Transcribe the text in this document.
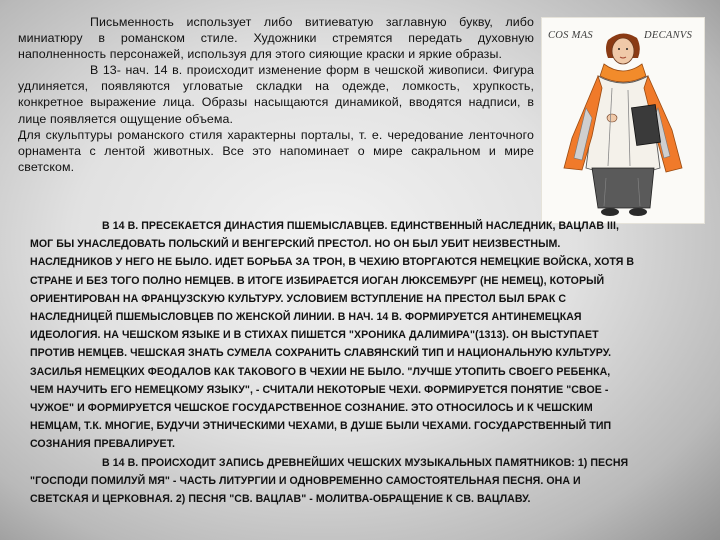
Письменность использует либо витиеватую заглавную букву, либо миниатюру в романском стиле. Художники стремятся передать духовную наполненность персонажей, используя для этого сияющие краски и яркие образы.

В 13- нач. 14 в. происходит изменение форм в чешской живописи. Фигура удлиняется, появляются угловатые складки на одежде, ломкость, хрупкость, конкретное выражение лица. Образы насыщаются динамикой, вводятся надписи, в лице появляется ощущение объема.

Для скульптуры романского стиля характерны порталы, т. е. чередование ленточного орнамента с лентой животных. Все это напоминает о мире сакральном и мире светском.

COS MAS	DECANVS

В 14 В. ПРЕСЕКАЕТСЯ ДИНАСТИЯ ПШЕМЫСЛАВЦЕВ. ЕДИНСТВЕННЫЙ НАСЛЕДНИК, ВАЦЛАВ III, МОГ БЫ УНАСЛЕДОВАТЬ ПОЛЬСКИЙ И ВЕНГЕРСКИЙ ПРЕСТОЛ. НО ОН БЫЛ УБИТ НЕИЗВЕСТНЫМ. НАСЛЕДНИКОВ У НЕГО НЕ БЫЛО. ИДЕТ БОРЬБА ЗА ТРОН, В ЧЕХИЮ ВТОРГАЮТСЯ НЕМЕЦКИЕ ВОЙСКА, ХОТЯ В СТРАНЕ И БЕЗ ТОГО ПОЛНО НЕМЦЕВ. В ИТОГЕ ИЗБИРАЕТСЯ ИОГАН ЛЮКСЕМБУРГ (НЕ НЕМЕЦ), КОТОРЫЙ ОРИЕНТИРОВАН НА ФРАНЦУЗСКУЮ КУЛЬТУРУ. УСЛОВИЕМ ВСТУПЛЕНИЕ НА ПРЕСТОЛ БЫЛ БРАК С НАСЛЕДНИЦЕЙ ПШЕМЫСЛОВЦЕВ ПО ЖЕНСКОЙ ЛИНИИ. В НАЧ. 14 В. ФОРМИРУЕТСЯ АНТИНЕМЕЦКАЯ ИДЕОЛОГИЯ. НА ЧЕШСКОМ ЯЗЫКЕ И В СТИХАХ ПИШЕТСЯ "ХРОНИКА ДАЛИМИРА"(1313). ОН ВЫСТУПАЕТ ПРОТИВ НЕМЦЕВ. ЧЕШСКАЯ ЗНАТЬ СУМЕЛА СОХРАНИТЬ СЛАВЯНСКИЙ ТИП И НАЦИОНАЛЬНУЮ КУЛЬТУРУ. ЗАСИЛЬЯ НЕМЕЦКИХ ФЕОДАЛОВ КАК ТАКОВОГО В ЧЕХИИ НЕ БЫЛО. "ЛУЧШЕ УТОПИТЬ СВОЕГО РЕБЕНКА, ЧЕМ НАУЧИТЬ ЕГО НЕМЕЦКОМУ ЯЗЫКУ", - СЧИТАЛИ НЕКОТОРЫЕ ЧЕХИ. ФОРМИРУЕТСЯ ПОНЯТИЕ "СВОЕ - ЧУЖОЕ" И ФОРМИРУЕТСЯ ЧЕШСКОЕ ГОСУДАРСТВЕННОЕ СОЗНАНИЕ. ЭТО ОТНОСИЛОСЬ И К ЧЕШСКИМ НЕМЦАМ, Т.К. МНОГИЕ, БУДУЧИ ЭТНИЧЕСКИМИ ЧЕХАМИ, В ДУШЕ БЫЛИ ЧЕХАМИ. ГОСУДАРСТВЕННЫЙ ТИП СОЗНАНИЯ ПРЕВАЛИРУЕТ.

В 14 В. ПРОИСХОДИТ ЗАПИСЬ ДРЕВНЕЙШИХ ЧЕШСКИХ МУЗЫКАЛЬНЫХ ПАМЯТНИКОВ: 1) ПЕСНЯ "ГОСПОДИ ПОМИЛУЙ МЯ" - ЧАСТЬ ЛИТУРГИИ И ОДНОВРЕМЕННО САМОСТОЯТЕЛЬНАЯ ПЕСНЯ. ОНА И СВЕТСКАЯ И ЦЕРКОВНАЯ. 2) ПЕСНЯ "СВ. ВАЦЛАВ" - МОЛИТВА-ОБРАЩЕНИЕ К СВ. ВАЦЛАВУ.
